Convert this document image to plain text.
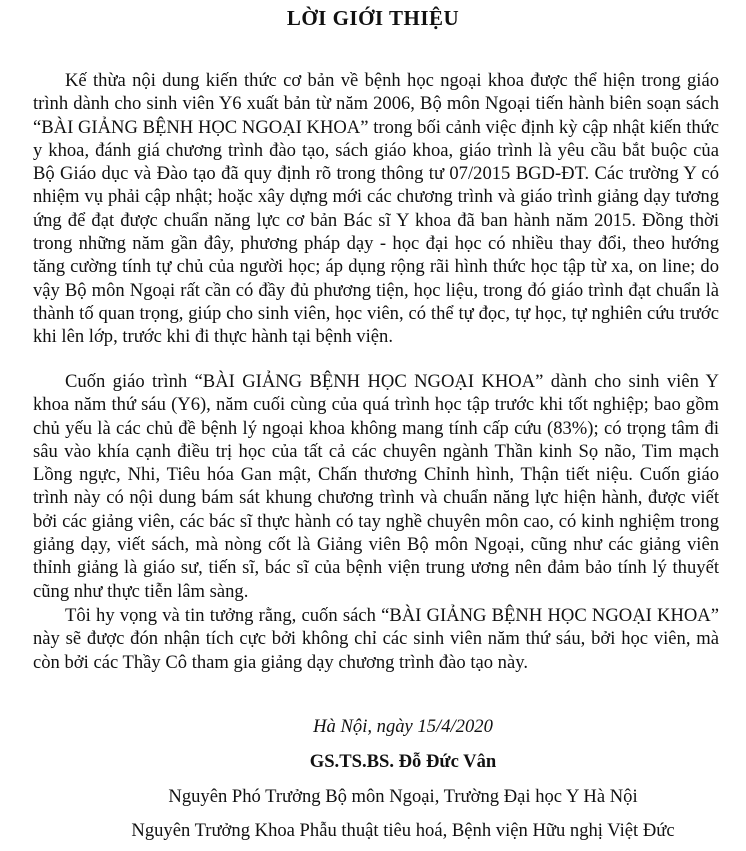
LỜI GIỚI THIỆU

Kế thừa nội dung kiến thức cơ bản về bệnh học ngoại khoa được thể hiện trong giáo trình dành cho sinh viên Y6 xuất bản từ năm 2006, Bộ môn Ngoại tiến hành biên soạn sách “BÀI GIẢNG BỆNH HỌC NGOẠI KHOA” trong bối cảnh việc định kỳ cập nhật kiến thức y khoa, đánh giá chương trình đào tạo, sách giáo khoa, giáo trình là yêu cầu bắt buộc của Bộ Giáo dục và Đào tạo đã quy định rõ trong thông tư 07/2015 BGD-ĐT. Các trường Y có nhiệm vụ phải cập nhật; hoặc xây dựng mới các chương trình và giáo trình giảng dạy tương ứng để đạt được chuẩn năng lực cơ bản Bác sĩ Y khoa đã ban hành năm 2015. Đồng thời trong những năm gần đây, phương pháp dạy - học đại học có nhiều thay đổi, theo hướng tăng cường tính tự chủ của người học; áp dụng rộng rãi hình thức học tập từ xa, on line; do vậy Bộ môn Ngoại rất cần có đầy đủ phương tiện, học liệu, trong đó giáo trình đạt chuẩn là thành tố quan trọng, giúp cho sinh viên, học viên, có thể tự đọc, tự học, tự nghiên cứu trước khi lên lớp, trước khi đi thực hành tại bệnh viện.

Cuốn giáo trình “BÀI GIẢNG BỆNH HỌC NGOẠI KHOA” dành cho sinh viên Y khoa năm thứ sáu (Y6), năm cuối cùng của quá trình học tập trước khi tốt nghiệp; bao gồm chủ yếu là các chủ đề bệnh lý ngoại khoa không mang tính cấp cứu (83%); có trọng tâm đi sâu vào khía cạnh điều trị học của tất cả các chuyên ngành Thần kinh Sọ não, Tim mạch Lồng ngực, Nhi, Tiêu hóa Gan mật, Chấn thương Chỉnh hình, Thận tiết niệu. Cuốn giáo trình này có nội dung bám sát khung chương trình và chuẩn năng lực hiện hành, được viết bởi các giảng viên, các bác sĩ thực hành có tay nghề chuyên môn cao, có kinh nghiệm trong giảng dạy, viết sách, mà nòng cốt là Giảng viên Bộ môn Ngoại, cũng như các giảng viên thỉnh giảng là giáo sư, tiến sĩ, bác sĩ của bệnh viện trung ương nên đảm bảo tính lý thuyết cũng như thực tiễn lâm sàng.

Tôi hy vọng và tin tưởng rằng, cuốn sách “BÀI GIẢNG BỆNH HỌC NGOẠI KHOA” này sẽ được đón nhận tích cực bởi không chỉ các sinh viên năm thứ sáu, bởi học viên, mà còn bởi các Thầy Cô tham gia giảng dạy chương trình đào tạo này.

Hà Nội, ngày 15/4/2020
GS.TS.BS. Đỗ Đức Vân
Nguyên Phó Trưởng Bộ môn Ngoại, Trường Đại học Y Hà Nội
Nguyên Trưởng Khoa Phẫu thuật tiêu hoá, Bệnh viện Hữu nghị Việt Đức
